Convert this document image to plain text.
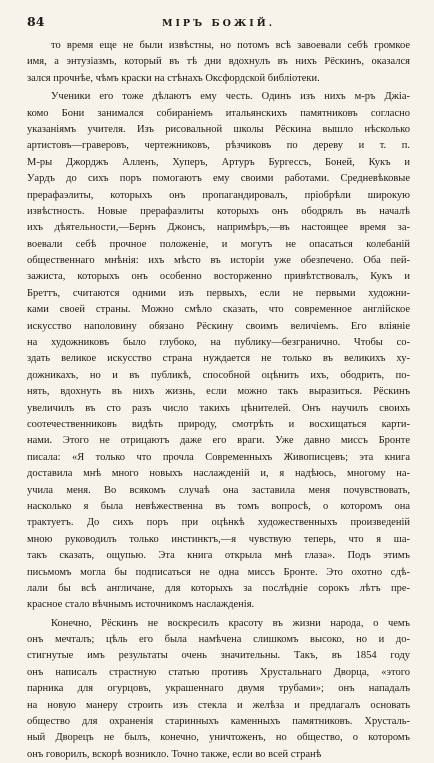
84	МІРЪ БОЖІЙ.
то время еще не были извѣстны, но потомъ всѣ завоевали себѣ громкое
имя, а энтузіазмъ, который въ тѣ дни вдохнулъ въ нихъ Рёскинъ, оказался
зался прочнѣе, чѣмъ краски на стѣнахъ Оксфордской библіотеки.
Ученики его тоже дѣлаютъ ему честь. Одинъ изъ нихъ м-ръ Джіа-
комо Бони занимался собираніемъ итальянскихъ памятниковъ согласно
указаніямъ учителя. Изъ рисовальной школы Рёскина вышло нѣсколько
артистовъ—граверовъ, чертежниковъ, рѣзчиковъ по дереву и т. п.
М-ры Джорджъ Алленъ, Хуперъ, Артуръ Бургессъ, Боней, Кукъ и
Уардъ до сихъ поръ помогаютъ ему своими работами. Средневѣковые
прерафаэлиты, которыхъ онъ пропагандировалъ, пріобрѣли широкую
извѣстность. Новые прерафаэлиты которыхъ онъ ободрялъ въ началѣ
ихъ дѣятельности,—Бернъ Джонсъ, напримѣръ,—въ настоящее время за-
воевали себѣ прочное положеніе, и могутъ не опасаться колебаній
общественнаго мнѣнія: ихъ мѣсто въ исторіи уже обезпечено. Оба пей-
зажиста, которыхъ онъ особенно восторженно привѣтствовалъ, Кукъ и
Бреттъ, считаются одними изъ первыхъ, если не первыми художни-
ками своей страны. Можно смѣло сказать, что современное англійское
искусство наполовину обязано Рёскину своимъ величіемъ. Его вліяніе
на художниковъ было глубоко, на публику—безгранично. Чтобы со-
здать великое искусство страна нуждается не только въ великихъ ху-
дожникахъ, но и въ публикѣ, способной оцѣнить ихъ, ободрить, по-
нять, вдохнуть въ нихъ жизнь, если можно такъ выразиться. Рёскинъ
увеличилъ въ сто разъ число такихъ цѣнителей. Онъ научилъ своихъ
соотечественниковъ видѣть природу, смотрѣть и восхищаться карти-
нами. Этого не отрицаютъ даже его враги. Уже давно миссъ Бронте
писала: «Я только что прочла Современныхъ Живописцевъ; эта книга
доставила мнѣ много новыхъ наслажденій и, я надѣюсь, многому на-
учила меня. Во всякомъ случаѣ она заставила меня почувствовать,
насколько я была невѣжественна въ томъ вопросѣ, о которомъ она
трактуетъ. До сихъ поръ при оцѣнкѣ художественныхъ произведеній
мною руководилъ только инстинктъ,—я чувствую теперь, что я ша-
такъ сказать, ощупью. Эта книга открыла мнѣ глаза». Подъ этимъ
письмомъ могла бы подписаться не одна миссъ Бронте. Это охотно сдѣ-
лали бы всѣ англичане, для которыхъ за послѣдніе сорокъ лѣтъ пре-
красное стало вѣчнымъ источникомъ наслажденія.
Конечно, Рёскинъ не воскресилъ красоту въ жизни народа, о чемъ
онъ мечталъ; цѣль его была намѣчена слишкомъ высоко, но и до-
стигнутые имъ результаты очень значительны. Такъ, въ 1854 году
онъ написалъ страстную статью противъ Хрустальнаго Дворца, «этого
парника для огурцовъ, украшеннаго двумя трубами»; онъ нападалъ
на новую манеру строить изъ стекла и желѣза и предлагалъ основать
общество для охраненія старинныхъ каменныхъ памятниковъ. Хрусталь-
ный Дворецъ не былъ, конечно, уничтоженъ, но общество, о которомъ
онъ говорилъ, вскорѣ возникло. Точно также, если во всей странѣ
